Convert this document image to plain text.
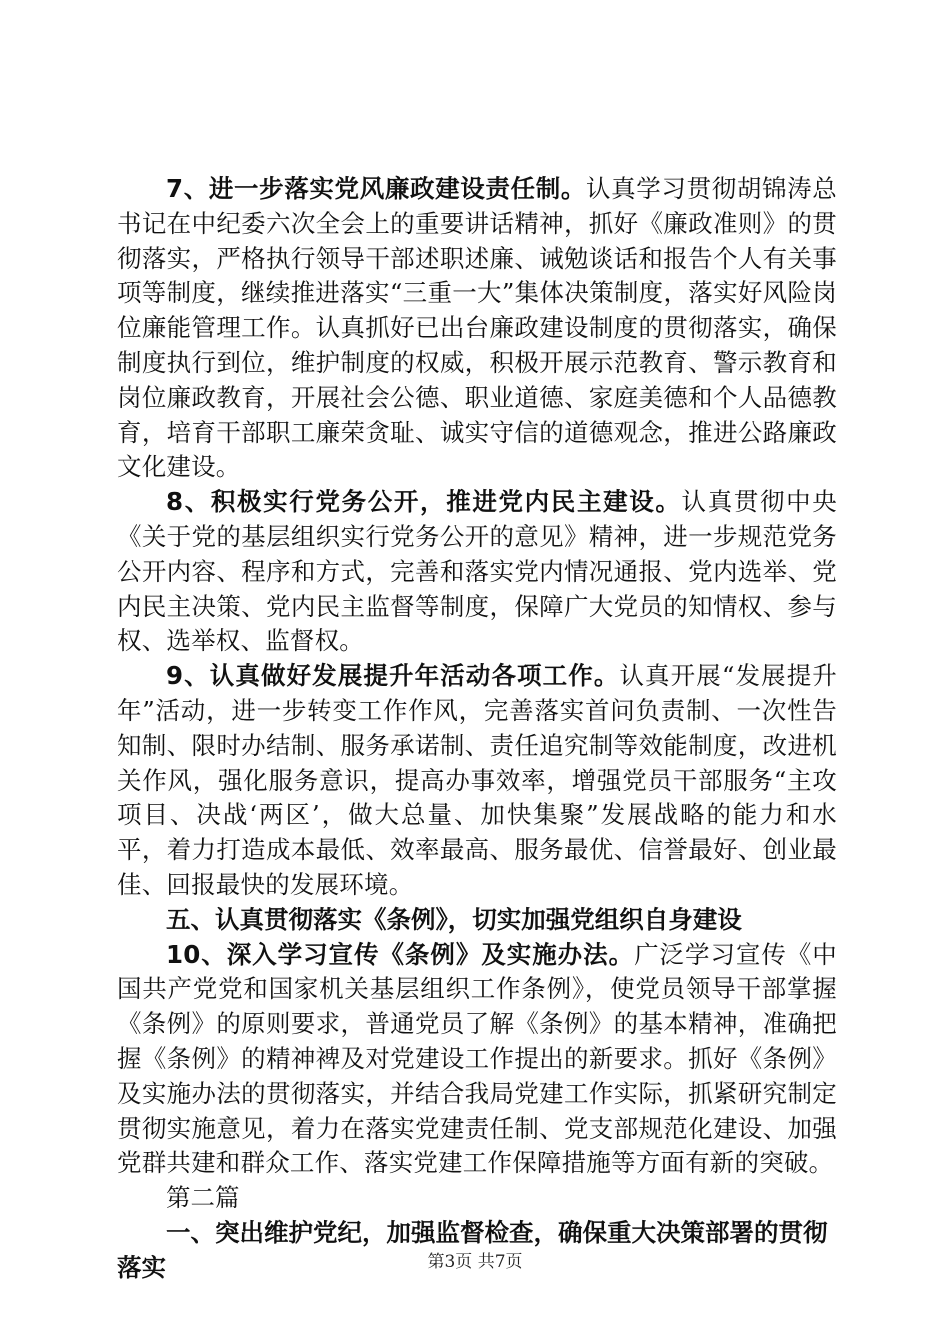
7、进一步落实党风廉政建设责任制。认真学习贯彻胡锦涛总书记在中纪委六次全会上的重要讲话精神，抓好《廉政准则》的贯彻落实，严格执行领导干部述职述廉、诫勉谈话和报告个人有关事项等制度，继续推进落实“三重一大”集体决策制度，落实好风险岗位廉能管理工作。认真抓好已出台廉政建设制度的贯彻落实，确保制度执行到位，维护制度的权威，积极开展示范教育、警示教育和岗位廉政教育，开展社会公德、职业道德、家庭美德和个人品德教育，培育干部职工廉荣贪耻、诚实守信的道德观念，推进公路廉政文化建设。

8、积极实行党务公开，推进党内民主建设。认真贯彻中央《关于党的基层组织实行党务公开的意见》精神，进一步规范党务公开内容、程序和方式，完善和落实党内情况通报、党内选举、党内民主决策、党内民主监督等制度，保障广大党员的知情权、参与权、选举权、监督权。

9、认真做好发展提升年活动各项工作。认真开展“发展提升年”活动，进一步转变工作作风，完善落实首问负责制、一次性告知制、限时办结制、服务承诺制、责任追究制等效能制度，改进机关作风，强化服务意识，提高办事效率，增强党员干部服务“主攻项目、决战‘两区’，做大总量、加快集聚”发展战略的能力和水平，着力打造成本最低、效率最高、服务最优、信誉最好、创业最佳、回报最快的发展环境。

五、认真贯彻落实《条例》，切实加强党组织自身建设

10、深入学习宣传《条例》及实施办法。广泛学习宣传《中国共产党党和国家机关基层组织工作条例》，使党员领导干部掌握《条例》的原则要求，普通党员了解《条例》的基本精神，准确把握《条例》的精神裨及对党建设工作提出的新要求。抓好《条例》及实施办法的贯彻落实，并结合我局党建工作实际，抓紧研究制定贯彻实施意见，着力在落实党建责任制、党支部规范化建设、加强党群共建和群众工作、落实党建工作保障措施等方面有新的突破。

第二篇

一、突出维护党纪，加强监督检查，确保重大决策部署的贯彻落实	第3页 共7页
